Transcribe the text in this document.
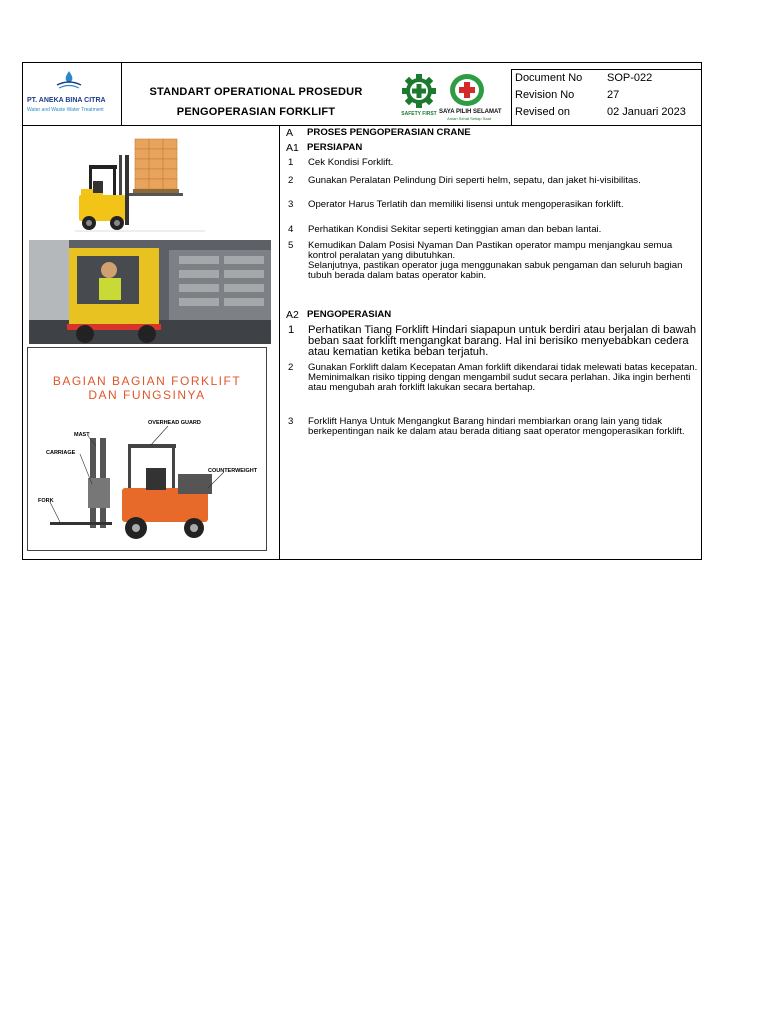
PT. ANEKA BINA CITRA
Water and Waste Water Treatment
STANDART OPERATIONAL PROSEDUR
PENGOPERASIAN FORKLIFT	SAFETY FIRST SAYA PILIH SELAMAT
Aman Sehat Setiap Saat
Document No SOP-022
Revision No	27
Revised on	02 Januari 2023
BAGIAN BAGIAN FORKLIFT
DAN FUNGSINYA
OVERHEAD GUARD
MAST
CARRIAGE
COUNTERWEIGHT
FORK
A PROSES PENGOPERASIAN CRANE
A1 PERSIAPAN
1 Cek Kondisi Forklift.
2 Gunakan Peralatan Pelindung Diri seperti helm, sepatu, dan jaket hi-visibilitas.
3 Operator Harus Terlatih dan memiliki lisensi untuk mengoperasikan forklift.
4 Perhatikan Kondisi Sekitar seperti ketinggian aman dan beban lantai.
5 Kemudikan Dalam Posisi Nyaman Dan Pastikan operator mampu menjangkau semua kontrol peralatan yang dibutuhkan.
Selanjutnya, pastikan operator juga menggunakan sabuk pengaman dan seluruh bagian tubuh berada dalam batas operator kabin.
A2 PENGOPERASIAN
1 Perhatikan Tiang Forklift Hindari siapapun untuk berdiri atau berjalan di bawah beban saat forklift mengangkat barang. Hal ini berisiko menyebabkan cedera atau kematian ketika beban terjatuh.
2 Gunakan Forklift dalam Kecepatan Aman forklift dikendarai tidak melewati batas kecepatan. Meminimalkan risiko tipping dengan mengambil sudut secara perlahan. Jika ingin berhenti atau mengubah arah forklift lakukan secara bertahap.
3 Forklift Hanya Untuk Mengangkut Barang hindari membiarkan orang lain yang tidak berkepentingan naik ke dalam atau berada ditiang saat operator mengoperasikan forklift.
